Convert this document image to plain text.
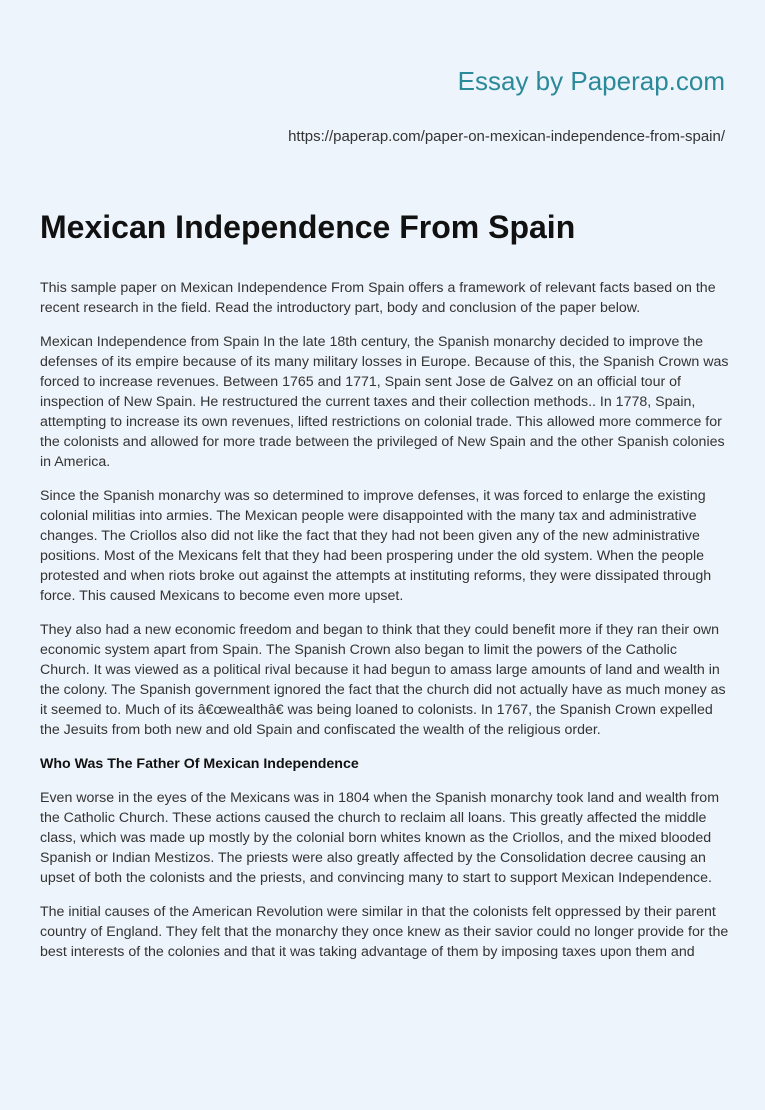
Essay by Paperap.com
https://paperap.com/paper-on-mexican-independence-from-spain/
Mexican Independence From Spain

This sample paper on Mexican Independence From Spain offers a framework of relevant facts based on the recent research in the field. Read the introductory part, body and conclusion of the paper below.

Mexican Independence from Spain In the late 18th century, the Spanish monarchy decided to improve the defenses of its empire because of its many military losses in Europe. Because of this, the Spanish Crown was forced to increase revenues. Between 1765 and 1771, Spain sent Jose de Galvez on an official tour of inspection of New Spain. He restructured the current taxes and their collection methods.. In 1778, Spain, attempting to increase its own revenues, lifted restrictions on colonial trade. This allowed more commerce for the colonists and allowed for more trade between the privileged of New Spain and the other Spanish colonies in America.

Since the Spanish monarchy was so determined to improve defenses, it was forced to enlarge the existing colonial militias into armies. The Mexican people were disappointed with the many tax and administrative changes. The Criollos also did not like the fact that they had not been given any of the new administrative positions. Most of the Mexicans felt that they had been prospering under the old system. When the people protested and when riots broke out against the attempts at instituting reforms, they were dissipated through force. This caused Mexicans to become even more upset.

They also had a new economic freedom and began to think that they could benefit more if they ran their own economic system apart from Spain. The Spanish Crown also began to limit the powers of the Catholic Church. It was viewed as a political rival because it had begun to amass large amounts of land and wealth in the colony. The Spanish government ignored the fact that the church did not actually have as much money as it seemed to. Much of its â€œwealthâ€ was being loaned to colonists. In 1767, the Spanish Crown expelled the Jesuits from both new and old Spain and confiscated the wealth of the religious order.

Who Was The Father Of Mexican Independence

Even worse in the eyes of the Mexicans was in 1804 when the Spanish monarchy took land and wealth from the Catholic Church. These actions caused the church to reclaim all loans. This greatly affected the middle class, which was made up mostly by the colonial born whites known as the Criollos, and the mixed blooded Spanish or Indian Mestizos. The priests were also greatly affected by the Consolidation decree causing an upset of both the colonists and the priests, and convincing many to start to support Mexican Independence.

The initial causes of the American Revolution were similar in that the colonists felt oppressed by their parent country of England. They felt that the monarchy they once knew as their savior could no longer provide for the best interests of the colonies and that it was taking advantage of them by imposing taxes upon them and
